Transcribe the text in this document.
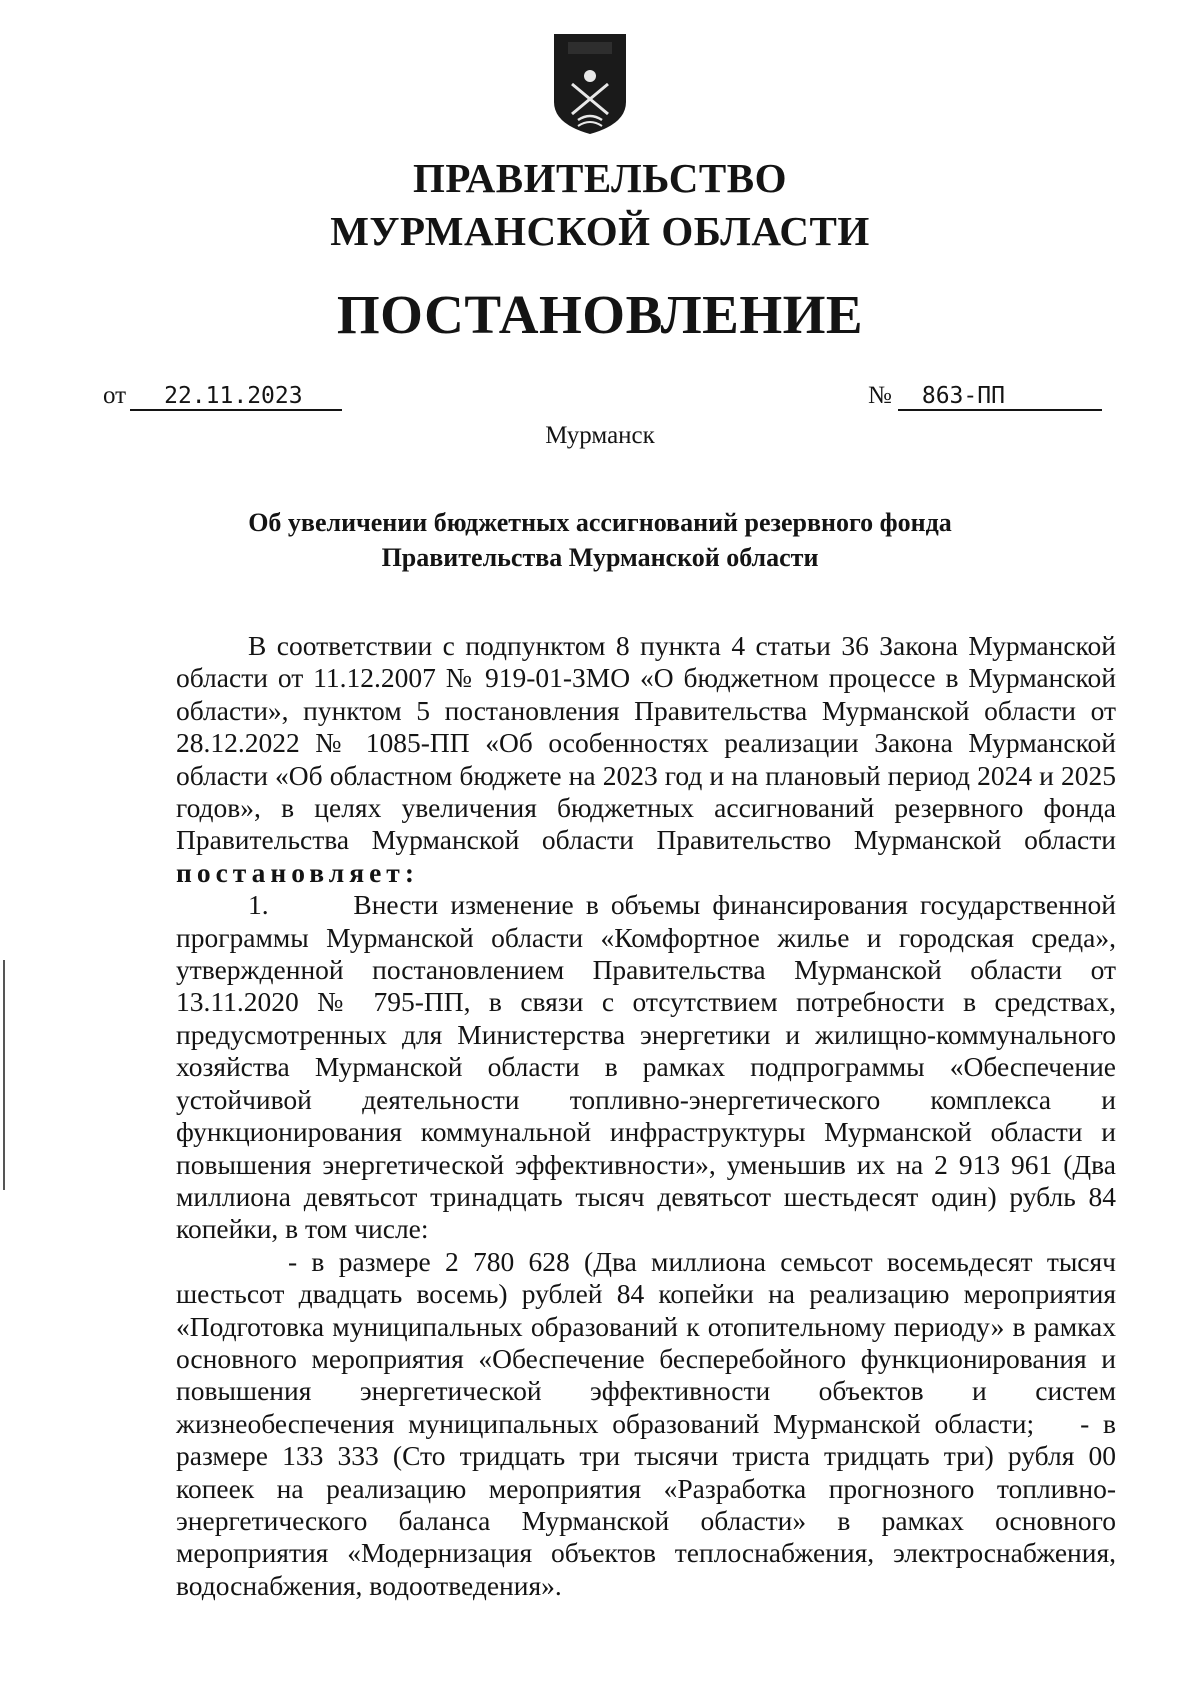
ПРАВИТЕЛЬСТВО
МУРМАНСКОЙ ОБЛАСТИ
ПОСТАНОВЛЕНИЕ
от 22.11.2023	№ 863-ПП
Мурманск
Об увеличении бюджетных ассигнований резервного фонда
Правительства Мурманской области

В соответствии с подпунктом 8 пункта 4 статьи 36 Закона Мурманской области от 11.12.2007 № 919-01-ЗМО «О бюджетном процессе в Мурманской области», пунктом 5 постановления Правительства Мурманской области от 28.12.2022 № 1085-ПП «Об особенностях реализации Закона Мурманской области «Об областном бюджете на 2023 год и на плановый период 2024 и 2025 годов», в целях увеличения бюджетных ассигнований резервного фонда Правительства Мурманской области Правительство Мурманской области постановляет:

1.	Внести изменение в объемы финансирования государственной программы Мурманской области «Комфортное жилье и городская среда», утвержденной постановлением Правительства Мурманской области от 13.11.2020 № 795-ПП, в связи с отсутствием потребности в средствах, предусмотренных для Министерства энергетики и жилищно-коммунального хозяйства Мурманской области в рамках подпрограммы «Обеспечение устойчивой деятельности топливно-энергетического комплекса и функционирования коммунальной инфраструктуры Мурманской области и повышения энергетической эффективности», уменьшив их на 2 913 961 (Два миллиона девятьсот тринадцать тысяч девятьсот шестьдесят один) рубль 84 копейки, в том числе:

- в размере 2 780 628 (Два миллиона семьсот восемьдесят тысяч шестьсот двадцать восемь) рублей 84 копейки на реализацию мероприятия «Подготовка муниципальных образований к отопительному периоду» в рамках основного мероприятия «Обеспечение бесперебойного функционирования и повышения энергетической эффективности объектов и систем жизнеобеспечения муниципальных образований Мурманской области; - в размере 133 333 (Сто тридцать три тысячи триста тридцать три) рубля 00 копеек на реализацию мероприятия «Разработка прогнозного топливно-энергетического баланса Мурманской области» в рамках основного мероприятия «Модернизация объектов теплоснабжения, электроснабжения, водоснабжения, водоотведения».
